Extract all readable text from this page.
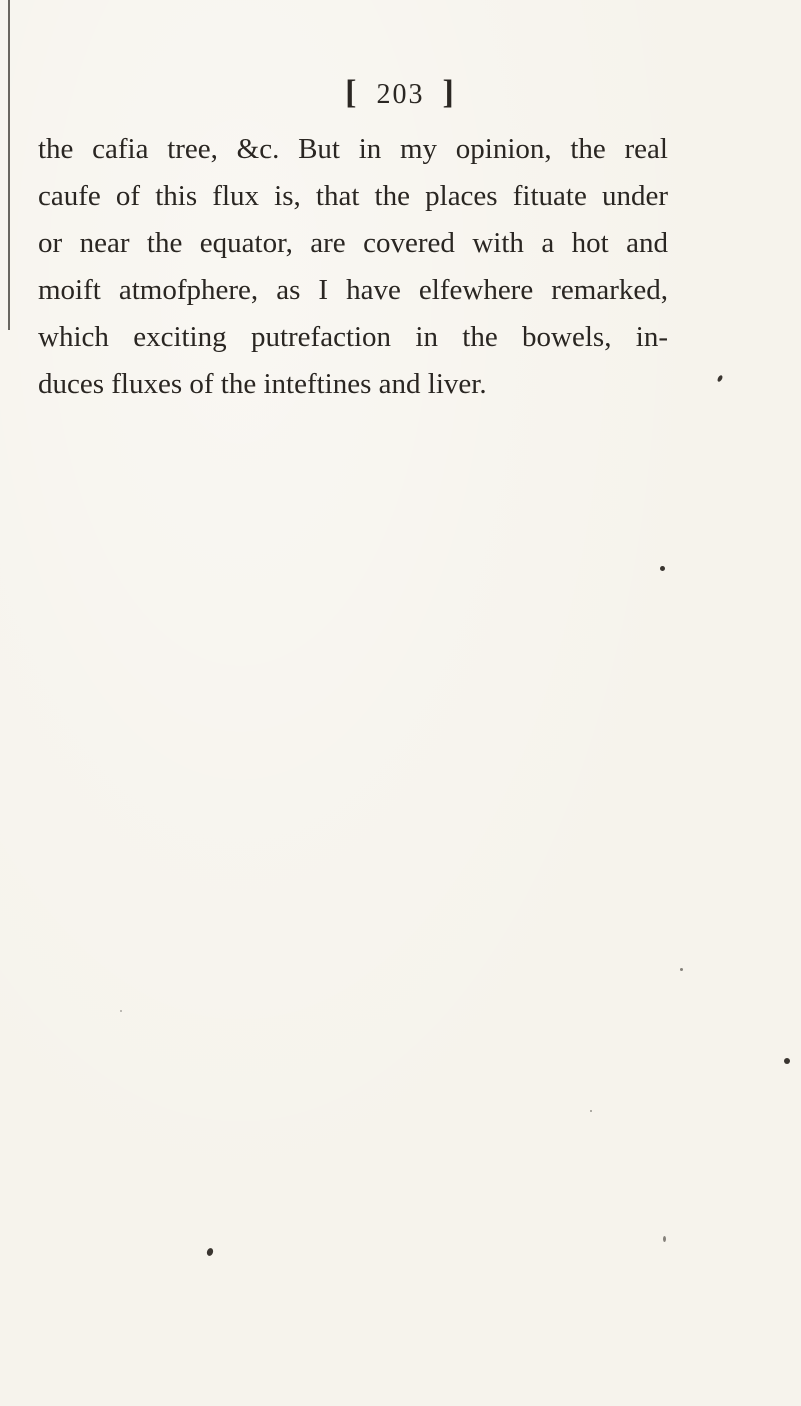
[ 203 ]
the cafia tree, &c. But in my opinion, the real
caufe of this flux is, that the places fituate under
or near the equator, are covered with a hot and
moift atmofphere, as I have elfewhere remarked,
which exciting putrefaction in the bowels, in-
duces fluxes of the inteftines and liver.
